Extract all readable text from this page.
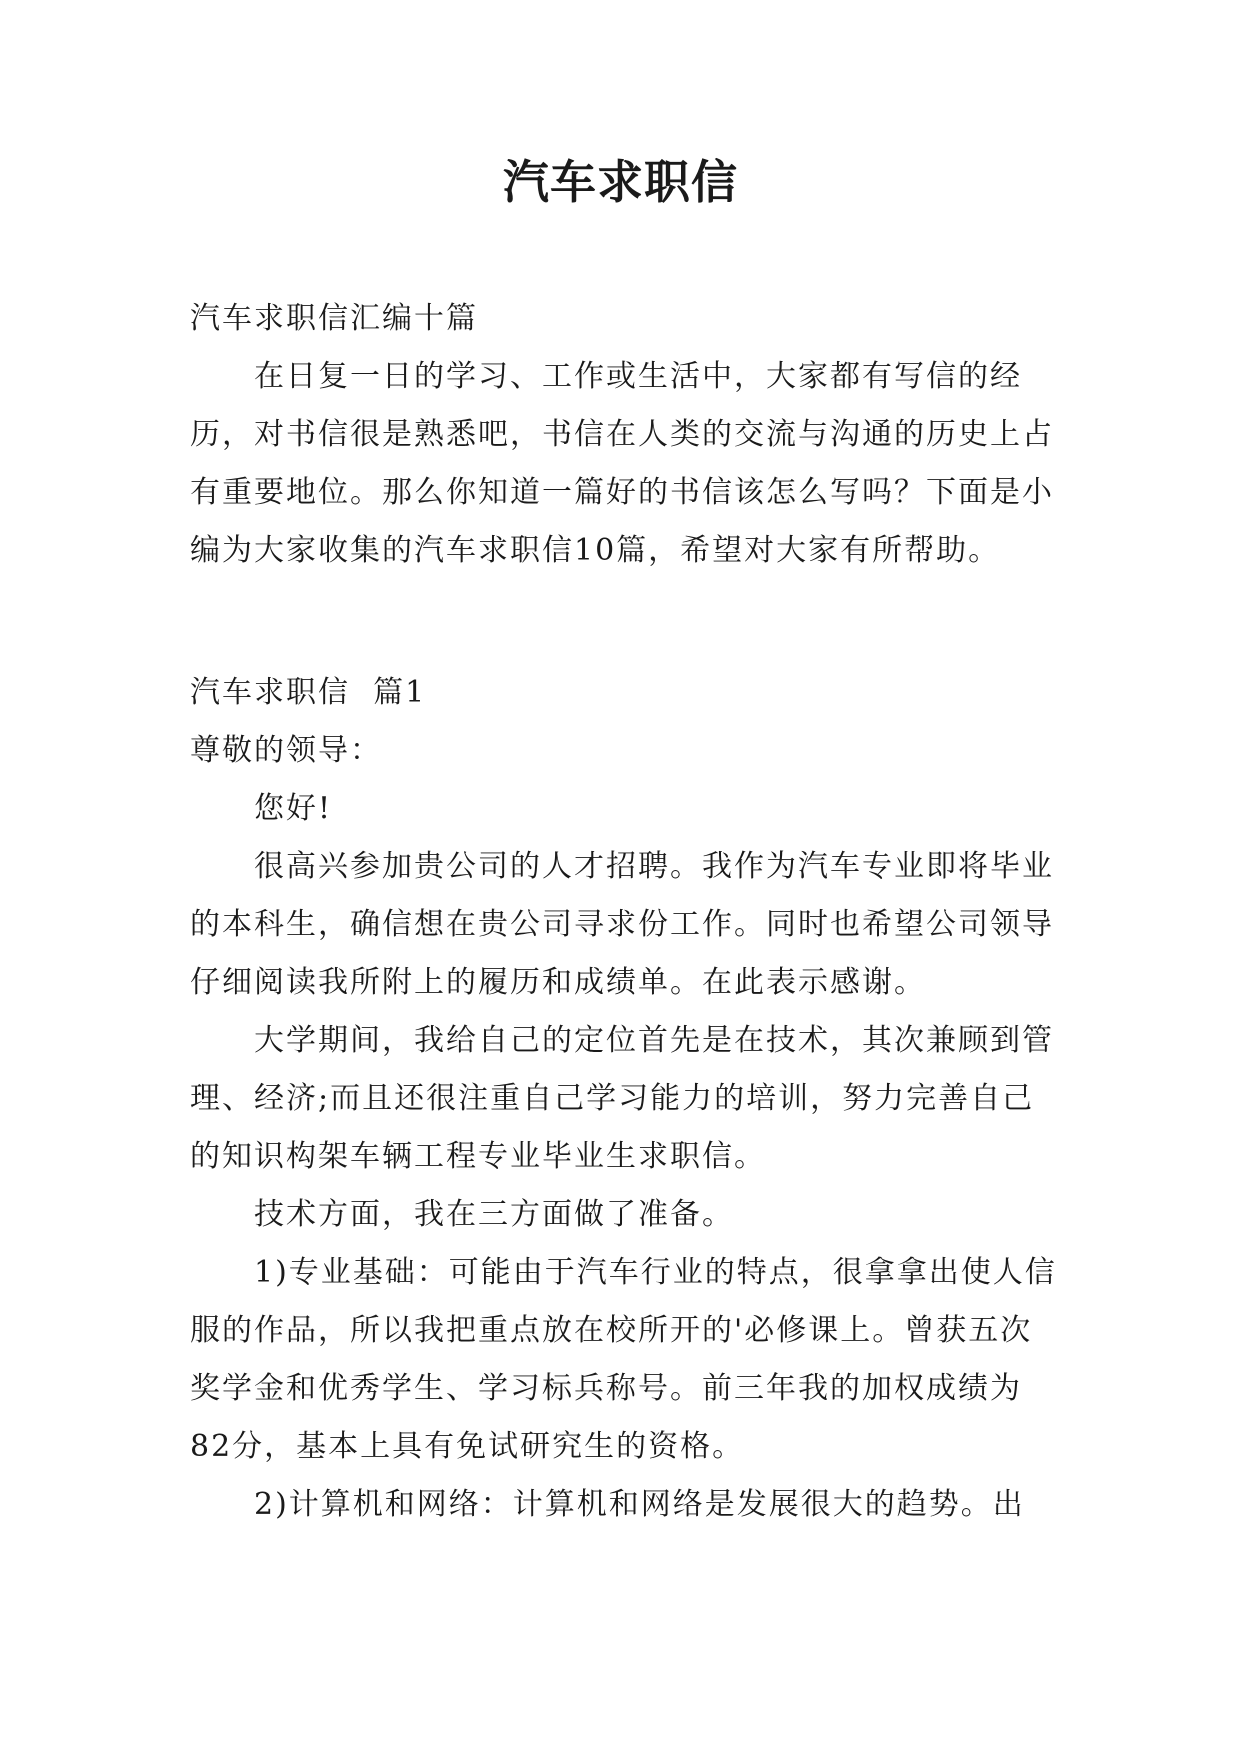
汽车求职信

汽车求职信汇编十篇

在日复一日的学习、工作或生活中，大家都有写信的经历，对书信很是熟悉吧，书信在人类的交流与沟通的历史上占有重要地位。那么你知道一篇好的书信该怎么写吗？下面是小编为大家收集的汽车求职信10篇，希望对大家有所帮助。

汽车求职信  篇1

尊敬的领导：

您好!

很高兴参加贵公司的人才招聘。我作为汽车专业即将毕业的本科生，确信想在贵公司寻求份工作。同时也希望公司领导仔细阅读我所附上的履历和成绩单。在此表示感谢。

大学期间，我给自己的定位首先是在技术，其次兼顾到管理、经济;而且还很注重自己学习能力的培训，努力完善自己的知识构架车辆工程专业毕业生求职信。

技术方面，我在三方面做了准备。

1)专业基础：可能由于汽车行业的特点，很拿拿出使人信服的作品，所以我把重点放在校所开的'必修课上。曾获五次奖学金和优秀学生、学习标兵称号。前三年我的加权成绩为82分，基本上具有免试研究生的资格。

2)计算机和网络：计算机和网络是发展很大的趋势。出
